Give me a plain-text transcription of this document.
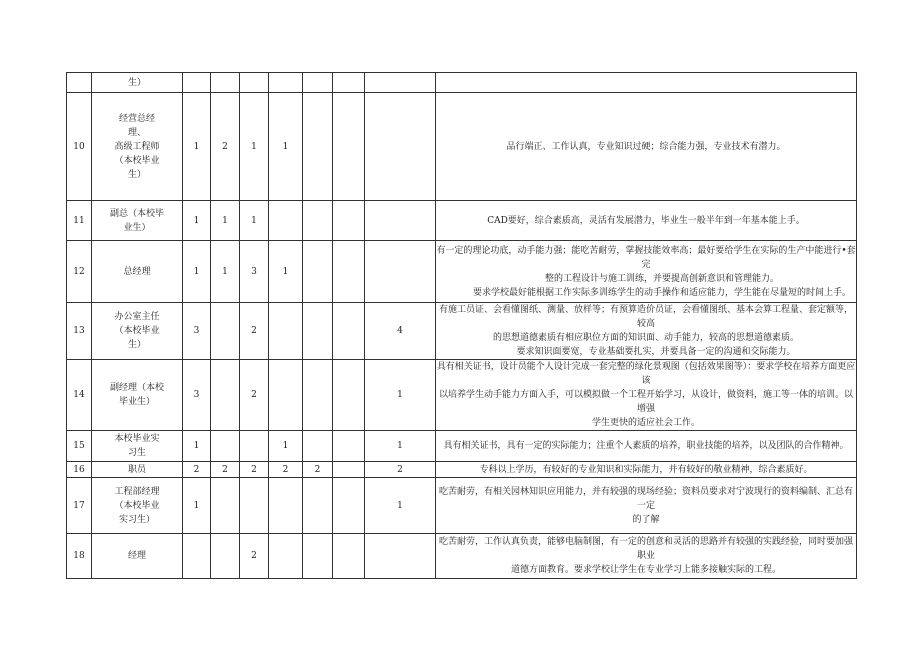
	生）								

10	经营总经
理、
高级工程师
（本校毕业
生）	1	2	1	1				品行端正、工作认真，专业知识过硬；综合能力强，专业技术有潜力。

11	副总（本校毕
业生）	1	1	1					CAD要好，综合素质高，灵活有发展潜力，毕业生一般半年到一年基本能上手。

12	总经理	1	1	3	1				有一定的理论功底，动手能力强；能吃苦耐劳，掌握技能效率高；最好要给学生在实际的生产中能进行•套完
整的工程设计与施工训练，并要提高创新意识和管理能力。
要求学校最好能根据工作实际多训练学生的动手操作和适应能力，学生能在尽量短的时间上手。

13	办公室主任
（本校毕业
生）	3		2				4	有施工员证、会看懂图纸、测量、放样等；有预算造价员证，会看懂图纸、基本会算工程量、套定额等，较高
的思想道德素质有相应职位方面的知识面、动手能力，较高的思想道德素质。
要求知识面要宽，专业基础要扎实，并要具备一定的沟通和交际能力。

14	副经理（本校
毕业生）	3		2				1	具有相关证书，设计员能个人设计完成一套完整的绿化景观图（包括效果图等）：要求学校在培养方面更应该
以培养学生动手能力方面入手，可以模拟做一个工程开始学习，从设计，做资料，施工等一体的培训。以增强
学生更快的适应社会工作。

15	本校毕业实
习生	1			1			1	具有相关证书，具有一定的实际能力；注重个人素质的培养，职业技能的培养，以及团队的合作精神。

16	职员	2	2	2	2	2		2	专科以上学历，有较好的专业知识和实际能力，并有较好的敬业精神，综合素质好。

17	工程部经理
（本校毕业
实习生）	1						1	吃苦耐劳，有相关园林知识应用能力，并有较强的现场经验；资料员要求对宁波现行的资料编制、汇总有一定
的了解

18	经理			2					吃苦耐劳，工作认真负责，能够电脑制图，有一定的创意和灵活的思路并有较强的实践经验，同时要加强职业
道德方面教育。要求学校让学生在专业学习上能多接触实际的工程。
